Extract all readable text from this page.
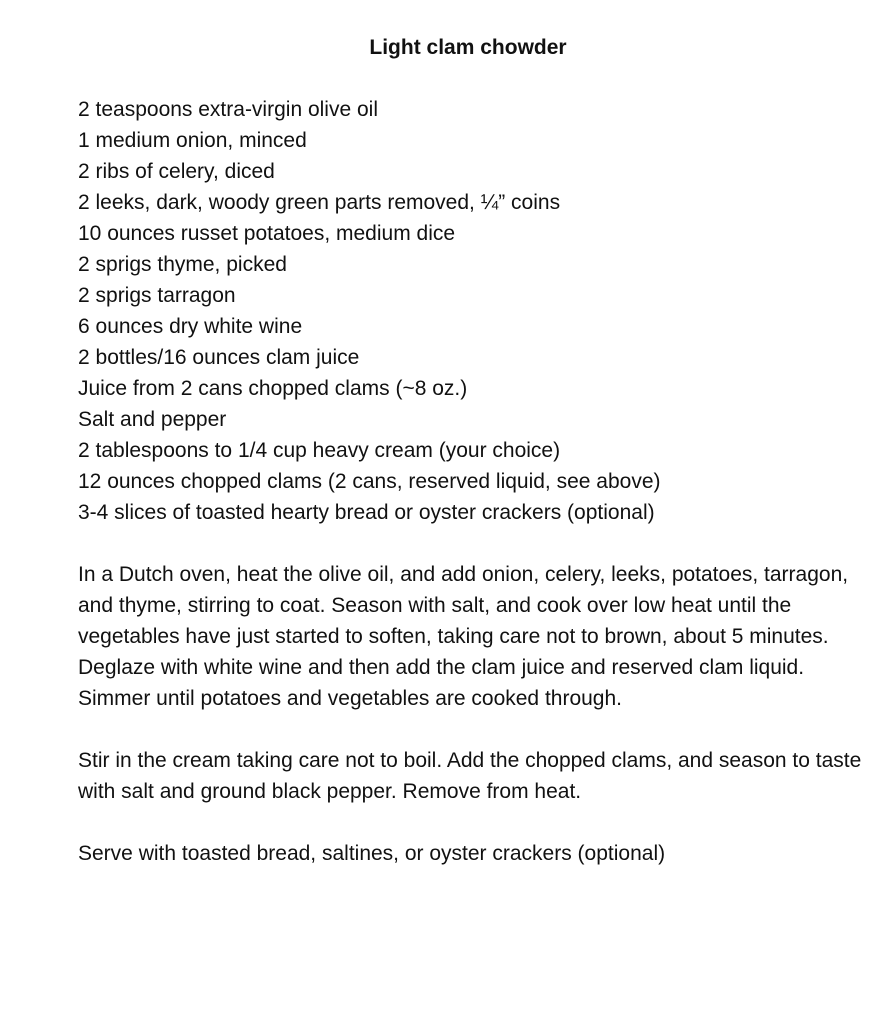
Light clam chowder
2 teaspoons extra-virgin olive oil
1 medium onion, minced
2 ribs of celery, diced
2 leeks, dark, woody green parts removed, ¼” coins
10 ounces russet potatoes, medium dice
2 sprigs thyme, picked
2 sprigs tarragon
6 ounces dry white wine
2 bottles/16 ounces clam juice
Juice from 2 cans chopped clams (~8 oz.)
Salt and pepper
2 tablespoons to 1/4 cup heavy cream (your choice)
12 ounces chopped clams (2 cans, reserved liquid, see above)
3-4 slices of toasted hearty bread or oyster crackers (optional)

In a Dutch oven, heat the olive oil, and add onion, celery, leeks, potatoes, tarragon, and thyme, stirring to coat. Season with salt, and cook over low heat until the vegetables have just started to soften, taking care not to brown, about 5 minutes. Deglaze with white wine and then add the clam juice and reserved clam liquid. Simmer until potatoes and vegetables are cooked through.

Stir in the cream taking care not to boil. Add the chopped clams, and season to taste with salt and ground black pepper. Remove from heat.

Serve with toasted bread, saltines, or oyster crackers (optional)
